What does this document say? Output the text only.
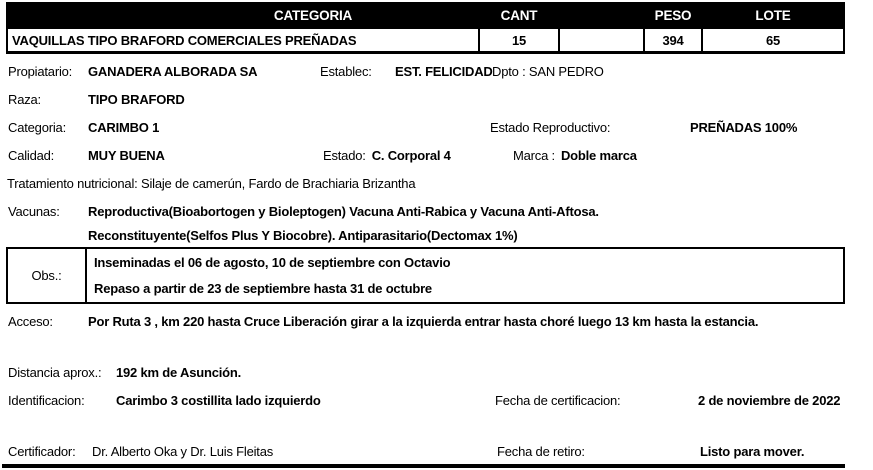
CATEGORIA	CANT		PESO	LOTE
VAQUILLAS TIPO BRAFORD COMERCIALES PREÑADAS	15		394	65
Propiatario: GANADERA ALBORADA SA	Establec: EST. FELICIDAD Dpto : SAN PEDRO
Raza:	TIPO BRAFORD
Categoria: CARIMBO 1	Estado Reproductivo:	PREÑADAS 100%
Calidad:	MUY BUENA	Estado: C. Corporal 4	Marca : Doble marca
Tratamiento nutricional: Silaje de camerún, Fardo de Brachiaria Brizantha
Vacunas: Reproductiva(Bioabortogen y Bioleptogen) Vacuna Anti-Rabica y Vacuna Anti-Aftosa.
Reconstituyente(Selfos Plus Y Biocobre). Antiparasitario(Dectomax 1%)
Obs.:
Inseminadas el 06 de agosto, 10 de septiembre con Octavio
Repaso a partir de 23 de septiembre hasta 31 de octubre
Acceso:	Por Ruta 3 , km 220 hasta Cruce Liberación girar a la izquierda entrar hasta choré luego 13 km hasta la estancia.
Distancia aprox.: 192 km de Asunción.
Identificacion: Carimbo 3 costillita lado izquierdo	Fecha de certificacion:	2 de noviembre de 2022
Certificador: Dr. Alberto Oka y Dr. Luis Fleitas	Fecha de retiro:	Listo para mover.
